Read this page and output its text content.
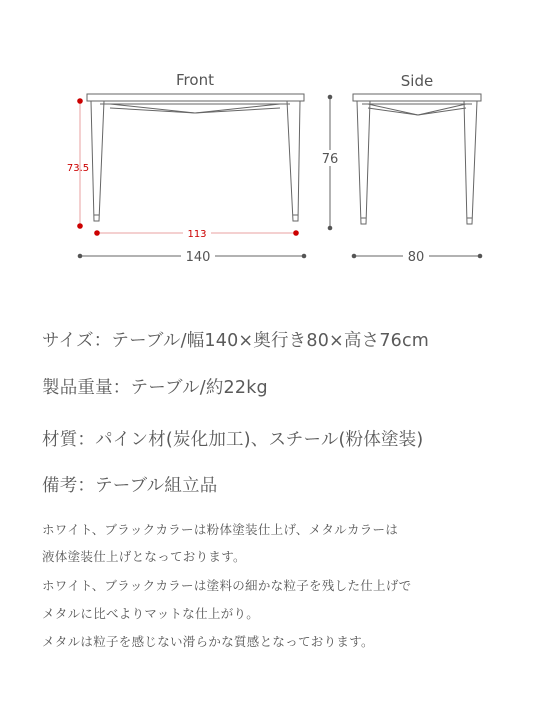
Front
73.5
113
140
76
Side
80
サイズ：テーブル/幅140×奥行き80×高さ76cm
製品重量：テーブル/約22kg
材質：パイン材(炭化加工)、スチール(粉体塗装)
備考：テーブル組立品
ホワイト、ブラックカラーは粉体塗装仕上げ、メタルカラーは
液体塗装仕上げとなっております。
ホワイト、ブラックカラーは塗料の細かな粒子を残した仕上げで
メタルに比べよりマットな仕上がり。
メタルは粒子を感じない滑らかな質感となっております。
